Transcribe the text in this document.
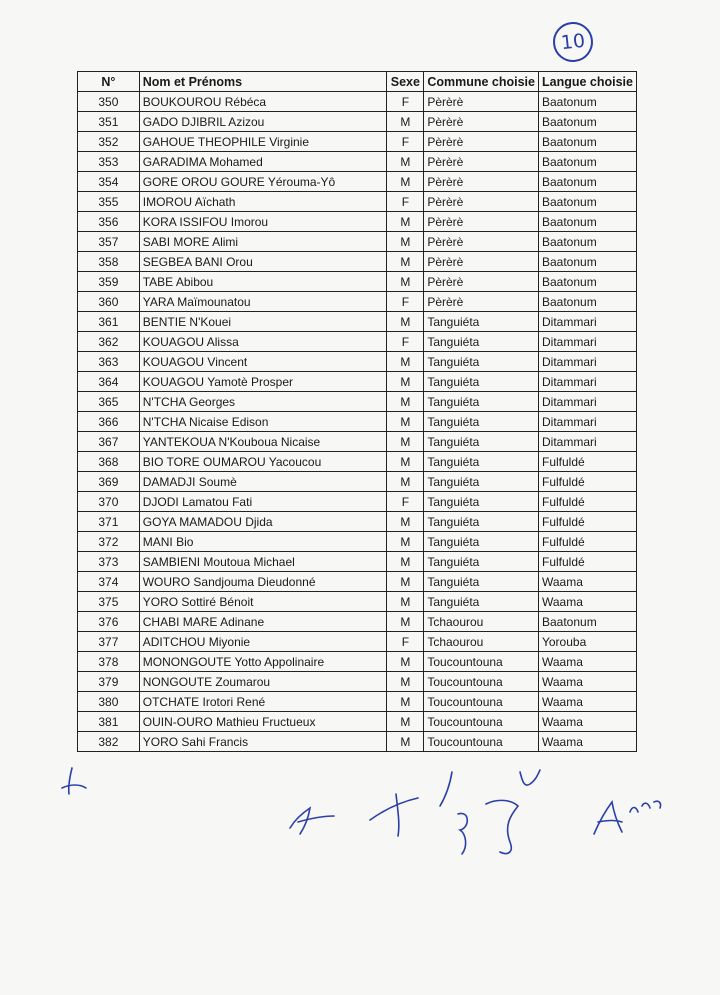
10
N°	Nom et Prénoms	Sexe	Commune choisie	Langue choisie
350	BOUKOUROU Rébéca	F	Pèrèrè	Baatonum
351	GADO DJIBRIL Azizou	M	Pèrèrè	Baatonum
352	GAHOUE THEOPHILE Virginie	F	Pèrèrè	Baatonum
353	GARADIMA Mohamed	M	Pèrèrè	Baatonum
354	GORE OROU GOURE Yérouma-Yô	M	Pèrèrè	Baatonum
355	IMOROU Aïchath	F	Pèrèrè	Baatonum
356	KORA ISSIFOU Imorou	M	Pèrèrè	Baatonum
357	SABI MORE Alimi	M	Pèrèrè	Baatonum
358	SEGBEA BANI Orou	M	Pèrèrè	Baatonum
359	TABE Abibou	M	Pèrèrè	Baatonum
360	YARA Maïmounatou	F	Pèrèrè	Baatonum
361	BENTIE N'Kouei	M	Tanguiéta	Ditammari
362	KOUAGOU Alissa	F	Tanguiéta	Ditammari
363	KOUAGOU Vincent	M	Tanguiéta	Ditammari
364	KOUAGOU Yamotè Prosper	M	Tanguiéta	Ditammari
365	N'TCHA Georges	M	Tanguiéta	Ditammari
366	N'TCHA Nicaise Edison	M	Tanguiéta	Ditammari
367	YANTEKOUA N'Kouboua Nicaise	M	Tanguiéta	Ditammari
368	BIO TORE OUMAROU Yacoucou	M	Tanguiéta	Fulfuldé
369	DAMADJI Soumè	M	Tanguiéta	Fulfuldé
370	DJODI Lamatou Fati	F	Tanguiéta	Fulfuldé
371	GOYA MAMADOU Djida	M	Tanguiéta	Fulfuldé
372	MANI Bio	M	Tanguiéta	Fulfuldé
373	SAMBIENI Moutoua Michael	M	Tanguiéta	Fulfuldé
374	WOURO Sandjouma Dieudonné	M	Tanguiéta	Waama
375	YORO Sottiré Bénoit	M	Tanguiéta	Waama
376	CHABI MARE Adinane	M	Tchaourou	Baatonum
377	ADITCHOU Miyonie	F	Tchaourou	Yorouba
378	MONONGOUTE Yotto Appolinaire	M	Toucountouna	Waama
379	NONGOUTE Zoumarou	M	Toucountouna	Waama
380	OTCHATE Irotori René	M	Toucountouna	Waama
381	OUIN-OURO Mathieu Fructueux	M	Toucountouna	Waama
382	YORO Sahi Francis	M	Toucountouna	Waama
